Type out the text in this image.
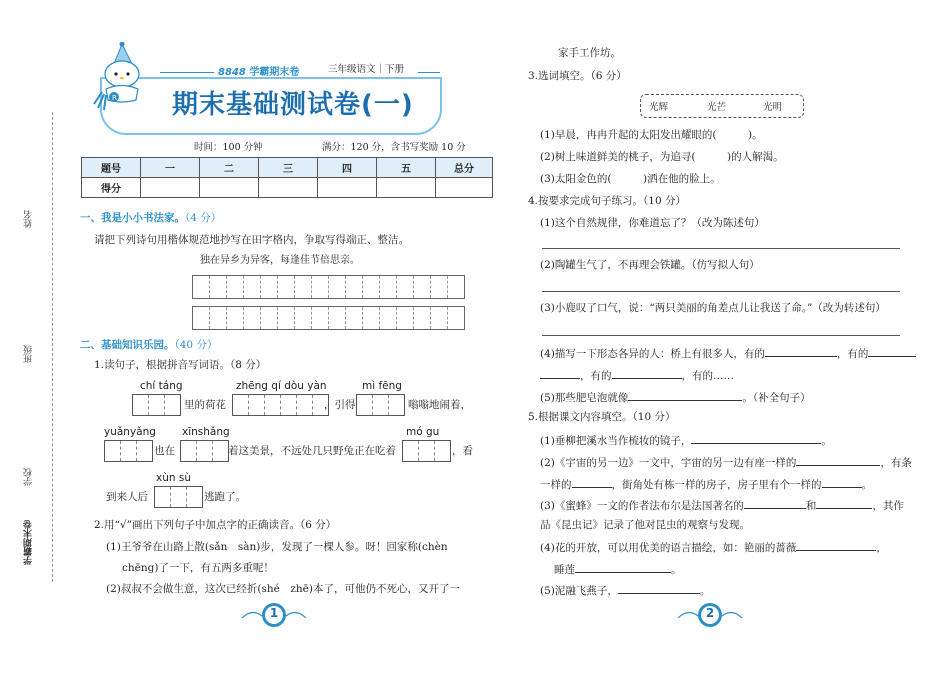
姓名
班级
学校
学霸期末卷
R
8848 学霸期末卷	三年级语文｜下册
期末基础测试卷(一)
时间：100 分钟	满分：120 分，含书写奖励 10 分
题号	一	二	三	四	五	总分
得分						
一、我是小小书法家。（4 分）
请把下列诗句用楷体规范地抄写在田字格内，争取写得端正、整洁。
独在异乡为异客，每逢佳节倍思亲。
二、基础知识乐园。（40 分）
1.读句子，根据拼音写词语。（8 分）
chí táng
里的荷花
zhēng qí dòu yàn
，引得
mì fēng
嗡嗡地闹着，
yuǎnyǎng
也在
xīnshǎng
着这美景，不远处几只野兔正在吃着
mó gu
，看
xùn sù
到来人后	逃跑了。
2.用“√”画出下列句子中加点字的正确读音。（6 分）
(1)王爷爷在山路上散(sǎn　sàn)步，发现了一棵人参。呀！回家称(chèn
chēng)了一下，有五两多重呢！
(2)叔叔不会做生意，这次已经折(shé　zhē)本了，可他仍不死心，又开了一
1
家手工作坊。
3.选词填空。（6 分）
光辉	光芒	光明
(1)早晨，冉冉升起的太阳发出耀眼的(　　　)。
(2)树上味道鲜美的桃子，为追寻(　　　)的人解渴。
(3)太阳金色的(　　　)洒在他的脸上。
4.按要求完成句子练习。（10 分）
(1)这个自然规律，你难道忘了？（改为陈述句）
(2)陶罐生气了，不再理会铁罐。（仿写拟人句）
(3)小鹿叹了口气，说：“两只美丽的角差点儿让我送了命。”（改为转述句）
(4)描写一下形态各异的人：桥上有很多人，有的	，有的
，有的	，有的……
(5)那些肥皂泡就像	。（补全句子）
5.根据课文内容填空。（10 分）
(1)垂柳把溪水当作梳妆的镜子，	。
(2)《宇宙的另一边》一文中，宇宙的另一边有座一样的	，有条
一样的	，街角处有栋一样的房子，房子里有个一样的	。
(3)《蜜蜂》一文的作者法布尔是法国著名的	和	，其作
品《昆虫记》记录了他对昆虫的观察与发现。
(4)花的开放，可以用优美的语言描绘，如：艳丽的蔷薇	，
睡莲	。
(5)泥融飞燕子，	。
2
